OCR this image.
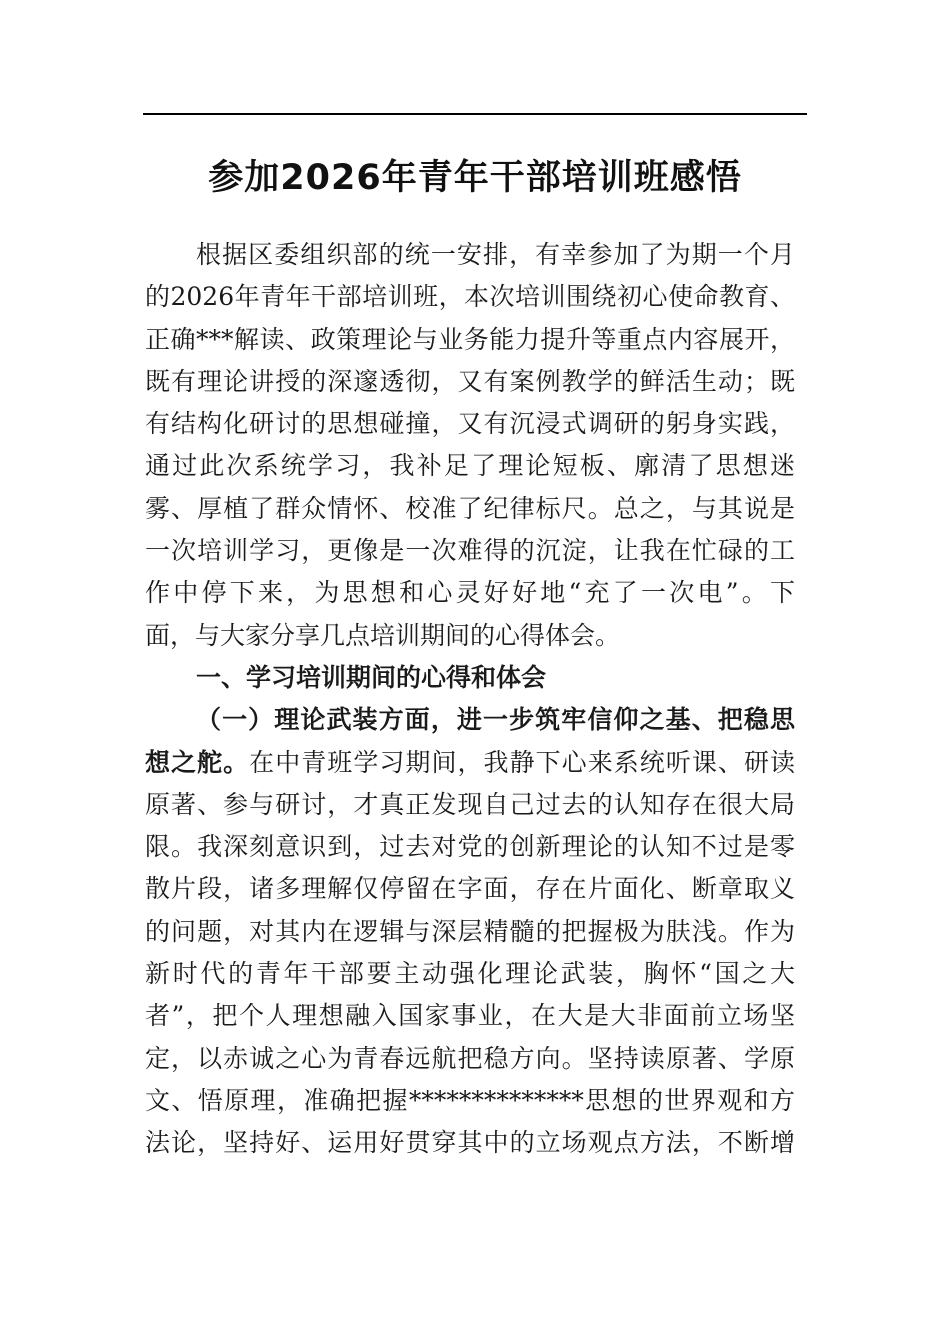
参加2026年青年干部培训班感悟
根据区委组织部的统一安排，有幸参加了为期一个月
的2026年青年干部培训班，本次培训围绕初心使命教育、
正确***解读、政策理论与业务能力提升等重点内容展开，
既有理论讲授的深邃透彻，又有案例教学的鲜活生动；既
有结构化研讨的思想碰撞，又有沉浸式调研的躬身实践，
通过此次系统学习，我补足了理论短板、廓清了思想迷
雾、厚植了群众情怀、校准了纪律标尺。总之，与其说是
一次培训学习，更像是一次难得的沉淀，让我在忙碌的工
作中停下来，为思想和心灵好好地“充了一次电”。下
面，与大家分享几点培训期间的心得体会。
一、学习培训期间的心得和体会
（一）理论武装方面，进一步筑牢信仰之基、把稳思
想之舵。在中青班学习期间，我静下心来系统听课、研读
原著、参与研讨，才真正发现自己过去的认知存在很大局
限。我深刻意识到，过去对党的创新理论的认知不过是零
散片段，诸多理解仅停留在字面，存在片面化、断章取义
的问题，对其内在逻辑与深层精髓的把握极为肤浅。作为
新时代的青年干部要主动强化理论武装，胸怀“国之大
者”，把个人理想融入国家事业，在大是大非面前立场坚
定，以赤诚之心为青春远航把稳方向。坚持读原著、学原
文、悟原理，准确把握**************思想的世界观和方
法论，坚持好、运用好贯穿其中的立场观点方法，不断增
